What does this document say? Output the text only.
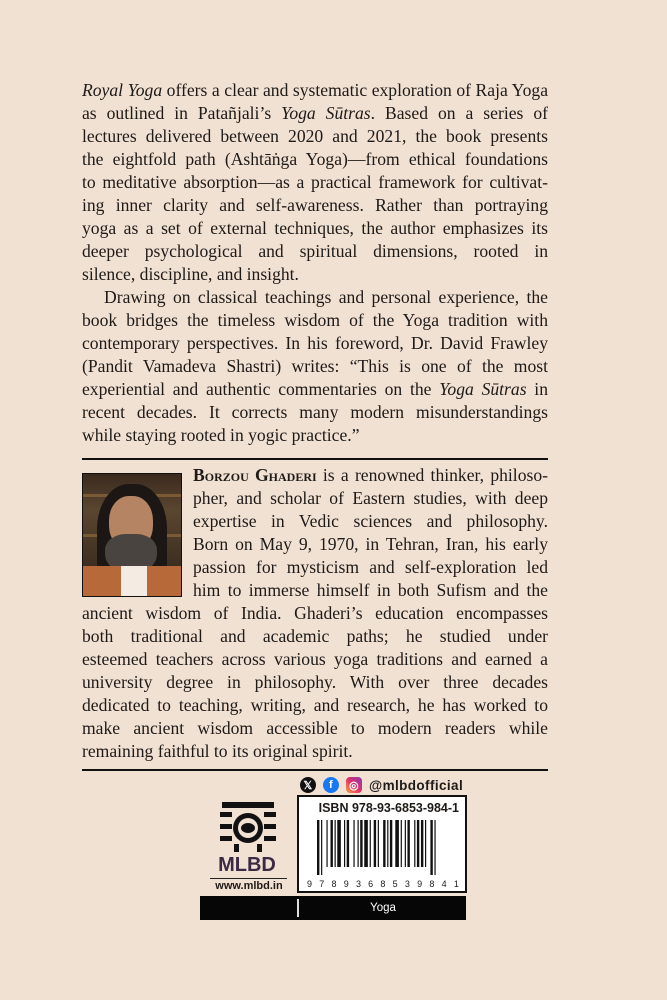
Royal Yoga offers a clear and systematic exploration of Raja Yoga
as outlined in Patañjali’s Yoga Sūtras. Based on a series of
lectures delivered between 2020 and 2021, the book presents
the eightfold path (Ashtāṅga Yoga)—from ethical foundations
to meditative absorption—as a practical framework for cultivat-
ing inner clarity and self-awareness. Rather than portraying
yoga as a set of external techniques, the author emphasizes its
deeper psychological and spiritual dimensions, rooted in
silence, discipline, and insight.
Drawing on classical teachings and personal experience, the
book bridges the timeless wisdom of the Yoga tradition with
contemporary perspectives. In his foreword, Dr. David Frawley
(Pandit Vamadeva Shastri) writes: “This is one of the most
experiential and authentic commentaries on the Yoga Sūtras in
recent decades. It corrects many modern misunderstandings
while staying rooted in yogic practice.”
Borzou Ghaderi is a renowned thinker, philoso-
pher, and scholar of Eastern studies, with deep
expertise in Vedic sciences and philosophy.
Born on May 9, 1970, in Tehran, Iran, his early
passion for mysticism and self-exploration led
him to immerse himself in both Sufism and the
ancient wisdom of India. Ghaderi’s education encompasses
both traditional and academic paths; he studied under
esteemed teachers across various yoga traditions and earned a
university degree in philosophy. With over three decades
dedicated to teaching, writing, and research, he has worked to
make ancient wisdom accessible to modern readers while
remaining faithful to its original spirit.
𝕏	f	◎ @mlbdofficial
MLBD
www.mlbd.in
ISBN 978-93-6853-984-1
9 7 8 9 3 6 8 5 3 9 8 4 1
Yoga
